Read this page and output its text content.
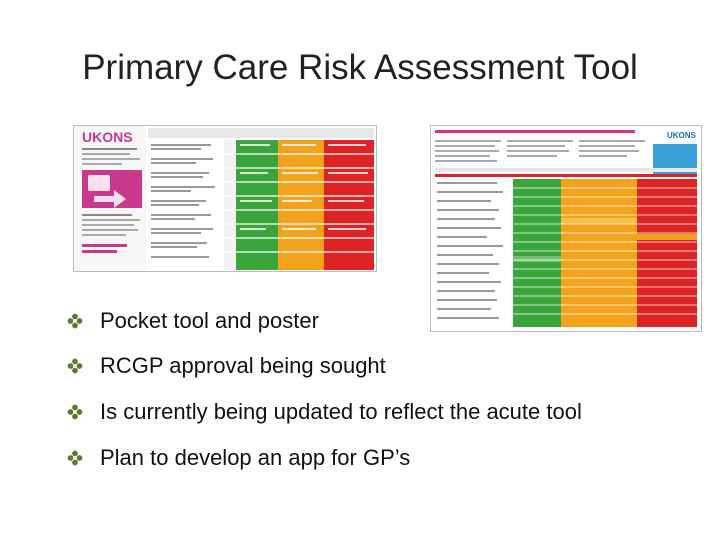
Primary Care Risk Assessment Tool
UKONS	UKONS
Pocket tool and poster
RCGP approval being sought
Is currently being updated to reflect the acute tool
Plan to develop an app for GP’s
